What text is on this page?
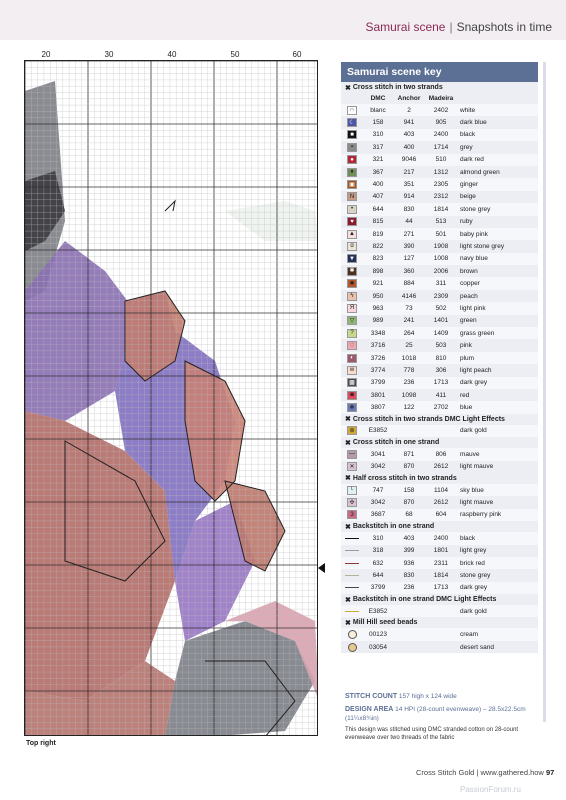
Samurai scene | Snapshots in time
20	30	40	50	60
Top right
Samurai scene key
✖ Cross stitch in two strands
DMC	Anchor	Madeira
∩	blanc	2	2402	white
☾	158	941	905	dark blue
■	310	403	2400	black
▪	317	400	1714	grey
●	321	9046	510	dark red
♦	367	217	1312	almond green
▣	400	351	2305	ginger
N	407	914	2312	beige
•	644	830	1814	stone grey
♥	815	44	513	ruby
▲	819	271	501	baby pink
ɑ	822	390	1908	light stone grey
▼	823	127	1008	navy blue
✱	898	360	2006	brown
✸	921	884	311	copper
ϟ	950	4146	2309	peach
Я	963	73	502	light pink
▽	989	241	1401	green
?	3348	264	1409	grass green
♡	3716	25	503	pink
◐	3726	1018	810	plum
w	3774	778	306	light peach
▩	3799	236	1713	dark grey
◙	3801	1098	411	red
❖	3807	122	2702	blue
✖ Cross stitch in two strands DMC Light Effects
⊛	E3852	dark gold
✖ Cross stitch in one strand
—	3041	871	806	mauve
✕	3042	870	2612	light mauve
✖ Half cross stitch in two strands
ᴸ	747	158	1104	sky blue
✣	3042	870	2612	light mauve
3	3687	68	604	raspberry pink
✖ Backstitch in one strand
310	403	2400	black
318	399	1801	light grey
632	936	2311	brick red
644	830	1814	stone grey
3799	236	1713	dark grey
✖ Backstitch in one strand DMC Light Effects
E3852	dark gold
✖ Mill Hill seed beads
00123	cream
03054	desert sand

STITCH COUNT 157 high x 124 wide

DESIGN AREA 14 HPI (28-count evenweave) – 28.5x22.5cm (11¼x8¾in)

This design was stitched using DMC stranded cotton on 28-count evenweave over two threads of the fabric

Cross Stitch Gold | www.gathered.how 97
PassionForum.ru
